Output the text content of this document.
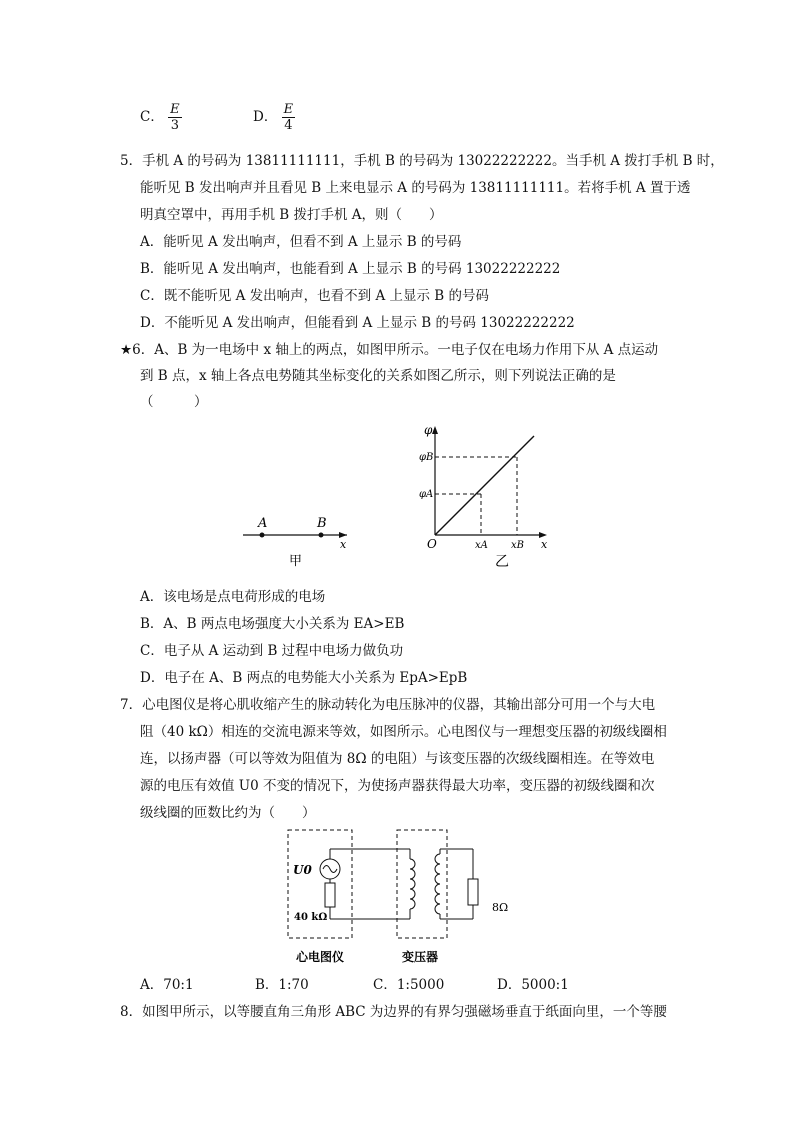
C． $\frac{E}{3}$	D． $\frac{E}{4}$
5．手机 A 的号码为 13811111111，手机 B 的号码为 13022222222。当手机 A 拨打手机 B 时，
能听见 B 发出响声并且看见 B 上来电显示 A 的号码为 13811111111。若将手机 A 置于透
明真空罩中，再用手机 B 拨打手机 A，则（　　）
A．能听见 A 发出响声，但看不到 A 上显示 B 的号码
B．能听见 A 发出响声，也能看到 A 上显示 B 的号码 13022222222
C．既不能听见 A 发出响声，也看不到 A 上显示 B 的号码
D．不能听见 A 发出响声，但能看到 A 上显示 B 的号码 13022222222
★6．A、B 为一电场中 x 轴上的两点，如图甲所示。一电子仅在电场力作用下从 A 点运动
到 B 点，x 轴上各点电势随其坐标变化的关系如图乙所示，则下列说法正确的是
（　　　）
A	B
x
甲
φ
φB
φA
O	xA xB x
乙
A．该电场是点电荷形成的电场
B．A、B 两点电场强度大小关系为 EA>EB
C．电子从 A 运动到 B 过程中电场力做负功
D．电子在 A、B 两点的电势能大小关系为 EpA>EpB
7．心电图仪是将心肌收缩产生的脉动转化为电压脉冲的仪器，其输出部分可用一个与大电
阻（40 kΩ）相连的交流电源来等效，如图所示。心电图仪与一理想变压器的初级线圈相
连，以扬声器（可以等效为阻值为 8Ω 的电阻）与该变压器的次级线圈相连。在等效电
源的电压有效值 U0 不变的情况下，为使扬声器获得最大功率，变压器的初级线圈和次
级线圈的匝数比约为（　　）
U0
40 kΩ
8Ω
心电图仪	变压器
A．70:1	B．1:70	C．1:5000	D．5000:1
8．如图甲所示，以等腰直角三角形 ABC 为边界的有界匀强磁场垂直于纸面向里，一个等腰
